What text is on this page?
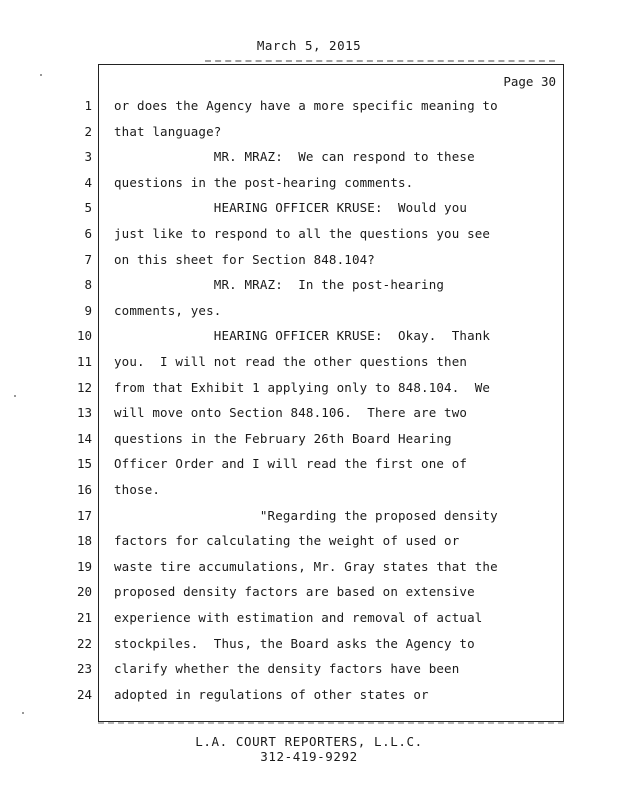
March 5, 2015
Page 30
1 or does the Agency have a more specific meaning to
2 that language?
3 MR. MRAZ:  We can respond to these
4 questions in the post-hearing comments.
5 HEARING OFFICER KRUSE:  Would you
6 just like to respond to all the questions you see
7 on this sheet for Section 848.104?
8 MR. MRAZ:  In the post-hearing
9 comments, yes.
10 HEARING OFFICER KRUSE:  Okay.  Thank
11 you.  I will not read the other questions then
12 from that Exhibit 1 applying only to 848.104.  We
13 will move onto Section 848.106.  There are two
14 questions in the February 26th Board Hearing
15 Officer Order and I will read the first one of
16 those.
17 "Regarding the proposed density
18 factors for calculating the weight of used or
19 waste tire accumulations, Mr. Gray states that the
20 proposed density factors are based on extensive
21 experience with estimation and removal of actual
22 stockpiles.  Thus, the Board asks the Agency to
23 clarify whether the density factors have been
24 adopted in regulations of other states or
L.A. COURT REPORTERS, L.L.C.
312-419-9292
